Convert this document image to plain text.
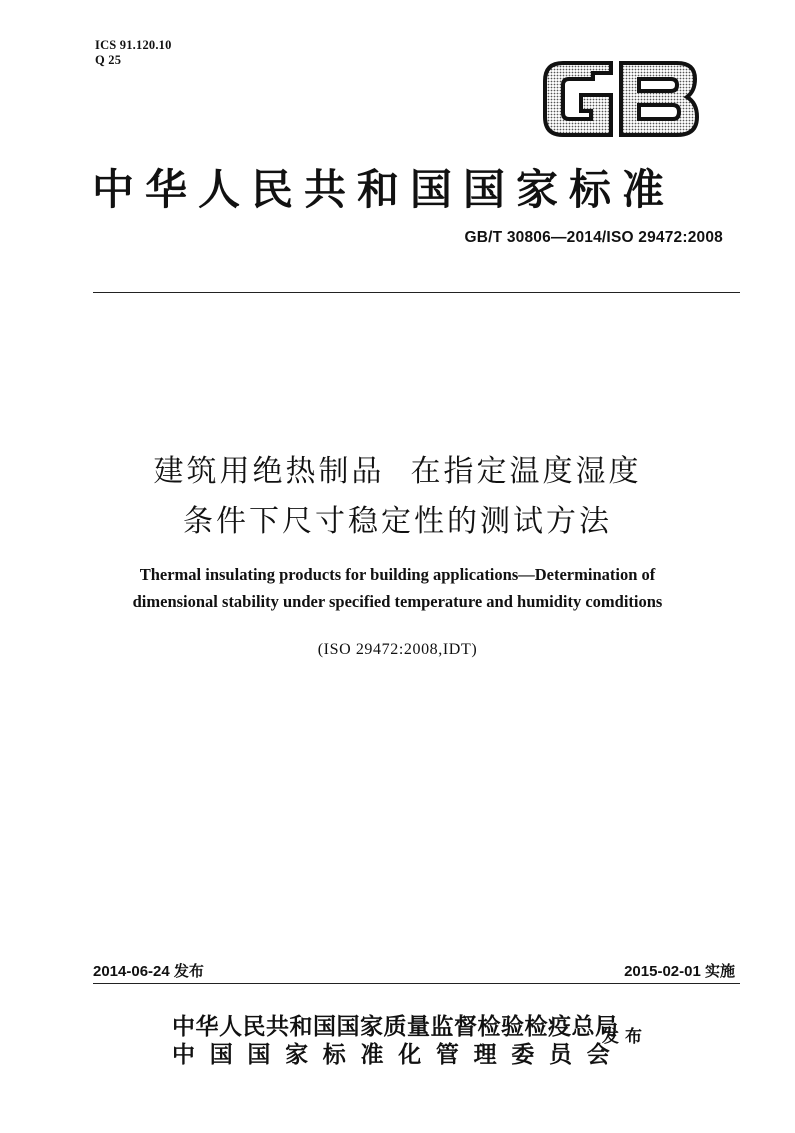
ICS 91.120.10
Q 25
中华人民共和国国家标准
GB/T 30806—2014/ISO 29472:2008
建筑用绝热制品 在指定温度湿度
条件下尺寸稳定性的测试方法
Thermal insulating products for building applications—Determination of
dimensional stability under specified temperature and humidity comditions
(ISO 29472:2008,IDT)
2014-06-24 发布	2015-02-01 实施
中华人民共和国国家质量监督检验检疫总局
中国国家标准化管理委员会
发布
